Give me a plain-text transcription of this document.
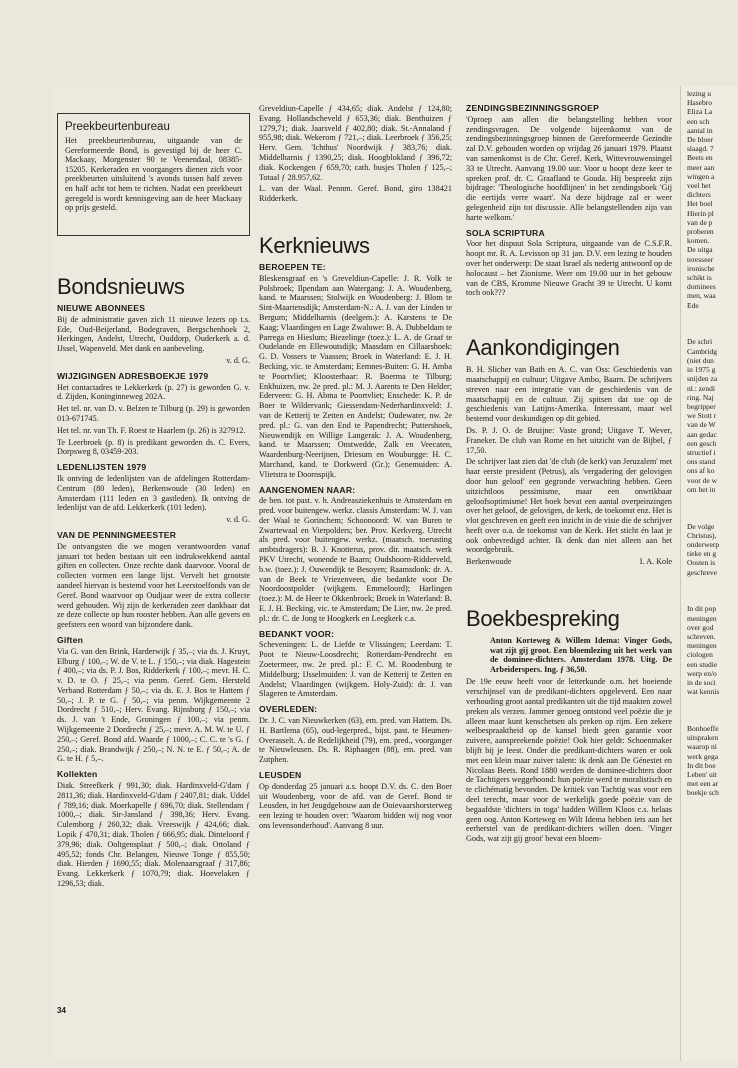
lezing u

Hasebro

Eliza La

een sch

aantal in

De bloer

slaagd. 7

Beets en

meer aan

wingen a

veel het

dichters

Het boel

Hierin pl

van de p

proberen

komen.

De uitga

teresseer

ironische

schikt is

dominees

men, waa

Ede

De schri

Cambridg

(niet dun

in 1975 g

snijden za

nl.: zendi

ring. Naj

begripper

we Stott r

van de W

aan gedac

een gesch

structief i

ons stand

ons af ko

voor de w

om het in

De volge

Christus),

onderwerp

tieke en g

Oosten is

geschreve

In dit pop

meningen

over god

schreven.

meningen

ciologen

een studie

werp en/o

in de soci

wat kennis

Bonhoeffe

uitspraken

waarop ni

werk gega

In dit boe

Leben' uit

met een ar

boekje sch

Preekbeurtenbureau

Het preekbeurtenbureau, uitgaande van de Gereformeerde Bond, is gevestigd bij de heer C. Mackaay, Morgenster 90 te Veenendaal, 08385-15205. Kerkeraden en voorgangers dienen zich voor preekbeurten uitsluitend 's avonds tussen half zeven en half acht tot hem te richten. Nadat een preekbeurt geregeld is wordt kennisgeving aan de heer Mackaay op prijs gesteld.

Bondsnieuws
NIEUWE ABONNEES

Bij de administratie gaven zich 11 nieuwe lezers op t.s. Ede, Oud-Beijerland, Bodegraven, Bergschenhoek 2, Herkingen, Andelst, Utrecht, Ouddorp, Ouderkerk a. d. IJssel, Wapenveld. Met dank en aanbeveling.

v. d. G.
WIJZIGINGEN ADRESBOEKJE 1979

Het contactadres te Lekkerkerk (p. 27) is geworden G. v. d. Zijden, Koninginneweg 202A.

Het tel. nr. van D. v. Belzen te Tilburg (p. 29) is geworden 013-671745.

Het tel. nr. van Th. F. Roest te Haarlem (p. 26) is 327912.

Te Leerbroek (p. 8) is predikant geworden ds. C. Evers, Dorpsweg 8, 03459-203.

LEDENLIJSTEN 1979

Ik ontving de ledenlijsten van de afdelingen Rotterdam-Centrum (80 leden), Berkenwoude (30 leden) en Amsterdam (111 leden en 3 gastleden). Ik ontving de ledenlijst van de afd. Lekkerkerk (101 leden).

v. d. G.
VAN DE PENNINGMEESTER

De ontvangsten die we mogen verantwoorden vanaf januari tot heden bestaan uit een indrukwekkend aantal giften en collecten. Onze rechte dank daarvoor. Vooral de collecten vormen een lange lijst. Vervelt het grootste aandeel hiervan is bestemd voor het Leerstoelfonds van de Geref. Bond waarvoor op Oudjaar weer de extra collecte werd gehouden. Wij zijn de kerkeraden zeer dankbaar dat ze deze collecte op hun rooster hebben. Aan alle gevers en geefsters een woord van bijzondere dank.

Giften

Via G. van den Brink, Harderwijk ƒ 35,–; via ds. J. Kruyt, Elburg ƒ 100,–; W. de V. te L. ƒ 150,–; via diak. Hagestein ƒ 400,–; via ds. P. J. Bos, Ridderkerk ƒ 100,–; mevr. H. C. v. D. te O. ƒ 25,–; via penm. Geref. Gem. Hersteld Verband Rotterdam ƒ 50,–; via ds. E. J. Bos te Hattem ƒ 50,–; J. P. te G. ƒ 50,–; via penm. Wijkgemeente 2 Dordrecht ƒ 510,–; Herv. Evang. Rijnsburg ƒ 150,–; via ds. J. van 't Ende, Groningen ƒ 100,–; via penm. Wijkgemeente 2 Dordrecht ƒ 25,–; mevr. A. M. W. te U. ƒ 250,–; Geref. Bond afd. Waarde ƒ 1000,–; C. C. te 's G. ƒ 250,–; diak. Brandwijk ƒ 250,–; N. N. te E. ƒ 50,–; A. de G. te H. ƒ 5,–.

Kollekten

Diak. Streefkerk ƒ 991,30; diak. Hardinxveld-G'dam ƒ 2811,36; diak. Hardinxveld-G'dam ƒ 2407,81; diak. Uddel ƒ 789,16; diak. Moerkapelle ƒ 696,70; diak. Stellendam ƒ 1000,–; diak. Sir-Jansland ƒ 398,36; Herv. Evang. Culemborg ƒ 260,32; diak. Vreeswijk ƒ 424,66; diak. Lopik ƒ 470,31; diak. Tholen ƒ 666,95; diak. Dinteloord ƒ 379,96; diak. Ooltgensplaat ƒ 500,–; diak. Ottoland ƒ 495,52; fonds Chr. Belangen, Nieuwe Tonge ƒ 855,50; diak. Hierden ƒ 1690,55; diak. Molenaarsgraaf ƒ 317,86; Evang. Lekkerkerk ƒ 1070,79; diak. Hoevelaken ƒ 1296,53; diak.

Greveldiun-Capelle ƒ 434,65; diak. Andelst ƒ 124,80; Evang. Hollandscheveld ƒ 653,36; diak. Benthuizen ƒ 1279,71; diak. Jaarsveld ƒ 402,80; diak. St.-Annaland ƒ 955,98; diak. Wekerom ƒ 721,–; diak. Leerbroek ƒ 356,25; Herv. Gem. 'Ichthus' Noordwijk ƒ 383,76; diak. Middelharnis ƒ 1390,25; diak. Hoogblokland ƒ 396,72; diak. Kockengen ƒ 659,70; cath. busjes Tholen ƒ 125,–; Totaal ƒ 28.957,62.

L. van der Waal. Pennm. Geref. Bond, giro 138421 Ridderkerk.

Kerknieuws
BEROEPEN TE:

Bleskensgraaf en 's Greveldiun-Capelle: J. R. Volk te Polsbroek; Ilpendam aan Watergang: J. A. Woudenberg, kand. te Maarssen; Stolwijk en Woudenberg: J. Blom te Sint-Maartensdijk; Amsterdam-N.: A. J. van der Linden te Bergum; Middelharnis (deelgem.): A. Karstens te De Kaag; Vlaardingen en Lage Zwaluwe: B. A. Dubbeldam te Parrega en Hieslum; Biezelinge (toez.): L. A. de Graaf te Oudelande en Ellewoutsdijk; Maasdam en Cillaarshoek: G. D. Vossers te Vaassen; Broek in Waterland: E. J. H. Becking, vic. te Amsterdam; Eemnes-Buiten: G. H. Amba te Poortvliet; Kloosterhaar: R. Boerma te Tilburg; Enkhuizen, nw. 2e pred. pl.: M. J. Aarents te Den Helder; Ederveen: G. H. Abma te Poortvliet; Enschede: K. P. de Boer te Wildervank; Giessendam-Nederhardinxveld: J. van de Ketterij te Zetten en Andelst; Oudewater, nw. 2e pred. pl.: G. van den End te Papendrecht; Puttershoek, Nieuwendijk en Willige Langerak: J. A. Woudenberg, kand. te Maarssen; Onstwedde, Zalk en Veecaten, Waardenburg-Neerijnen, Driesum en Wouburgge: H. C. Marchand, kand. te Dorkwerd (Gr.); Genemuiden: A. Vlietstra te Doornspijk.

AANGENOMEN NAAR:

de ben. tot past. v. h. Andreasziekenhuis te Amsterdam en pred. voor buitengew. werkz. classis Amsterdam: W. J. van der Waal te Gorinchem; Schoonoord: W. van Buren te Zwartewaal en Vierpolders; ber. Prov. Kerkverg. Utrecht als pred. voor buitengew. werkz. (maatsch. toerusting ambtsdragers): B. J. Knotterus, prov. dir. maatsch. werk PKV Utrecht, wonende te Baarn; Oudshoorn-Ridderveld, b.w. (toez.): J. Ouwendijk te Besoyen; Raamsdonk: dr. A. van de Beek te Vriezenveen, die bedankte voor De Noordoostpolder (wijkgem. Emmeloord); Harlingen (toez.): M. de Heer te Okkenbroek; Broek in Waterland: B. E. J. H. Becking, vic. te Amsterdam; De Lier, nw. 2e pred. pl.: dr. C. de Jong te Hoogkerk en Leegkerk c.a.

BEDANKT VOOR:

Scheveningen: L. de Liefde te Vlissingen; Leerdam: T. Poot te Nieuw-Loosdrecht; Rotterdam-Pendrecht en Zoetermeer, nw. 2e pred. pl.: F. C. M. Roodenburg te Middelburg; IJsselmuiden: J. van de Ketterij te Zetten en Andelst; Vlaardingen (wijkgem. Holy-Zuid): dr. J. van Slageren te Amsterdam.

OVERLEDEN:

Dr. J. C. van Nieuwkerken (63), em. pred. van Hattem. Ds. H. Bartlema (65), oud-legerpred., bijst. past. te Heumen-Overasselt. A. de Redelijkheid (79), em. pred., voorganger te Nieuwleusen. Ds. R. Riphaagen (88), em. pred. van Zutphen.

LEUSDEN

Op donderdag 25 januari a.s. hoopt D.V. ds. C. den Boer uit Woudenberg, voor de afd. van de Geref. Bond te Leusden, in het Jeugdgebouw aan de Ooievaarshorsterweg een lezing te houden over: 'Waarom bidden wij nog voor ons levensonderhoud'. Aanvang 8 uur.

ZENDINGSBEZINNINGSGROEP

'Oproep aan allen die belangstelling hebben voor zendingsvragen. De volgende bijeenkomst van de zendingsbezinningsgroep binnen de Gereformeerde Gezindte zal D.V. gehouden worden op vrijdag 26 januari 1979. Plaatst van samenkomst is de Chr. Geref. Kerk, Wittevrouwensingel 33 te Utrecht. Aanvang 19.00 uur. Voor u hoopt deze keer te spreken prof. dr. C. Graafland te Gouda. Hij bespreekt zijn bijdrage: 'Theologische hoofdlijnen' in het zendingsboek 'Gij die eertijds verre waart'. Na deze bijdrage zal er weer gelegenheid zijn tot discussie. Alle belangstellenden zijn van harte welkom.'

SOLA SCRIPTURA

Voor het dispuut Sola Scriptura, uitgaande van de C.S.F.R. hoopt mr. R. A. Levisson op 31 jan. D.V. een lezing te houden over het onderwerp: De staat Israel als nedertg antwoord op de holocaust – het Zionisme. Weer om 19.00 uur in het gebouw van de CBS, Kromme Nieuwe Gracht 39 te Utrecht. U komt toch ook???

Aankondigingen

B. H. Slicher van Bath en A. C. van Oss: Geschiedenis van maatschappij en cultuur; Uitgave Ambo, Baarn. De schrijvers streven naar een integratie van de geschiedenis van de maatschappij en de cultuur. Zij spitsen dat toe op de geschiedenis van Latijns-Amerika. Interessant, maar wel bestemd voor deskundigen op dit gebied.

Ds. P. J. O. de Bruijne: Vaste grond; Uitgave T. Wever, Franeker. De club van Rome en het uitzicht van de Bijbel, ƒ 17,50.

De schrijver laat zien dat 'de club (de kerk) van Jeruzalem' met haar eerste president (Petrus), als 'vergadering der gelovigen door hun geloof' een gegronde verwachting hebben. Geen uitzichtloos pessimisme, maar een onwrikbaar geloofsoptimisme! Het boek bevat een aantal overpeinzingen over het geloof, de gelovigen, de kerk, de toekomst enz. Het is vlot geschreven en geeft een inzicht in de visie die de schrijver heeft over o.a. de toekomst van de Kerk. Het sticht én laat je ook onbevredigd achter. Ik denk dan niet alleen aan het woordgebruik.

Berkenwoude	I. A. Kole
Boekbespreking
Anton Korteweg & Willem Idema: Vinger Gods, wat zijt gij groot. Een bloemlezing uit het werk van de dominee-dichters. Amsterdam 1978. Uitg. De Arbeiderspers. Ing. ƒ 36,50.

De 19e eeuw heeft voor de letterkunde o.m. het boeiende verschijnsel van de predikant-dichters opgeleverd. Een naar verhouding groot aantal predikanten uit die tijd maakten zowel preken als verzen. Jammer genoeg ontstond veel poëzie die je alleen maar kunt kenschetsen als preken op rijm. Een zekere welbespraaktheid op de kansel biedt geen garantie voor zuivere, aanspreekende poëzie! Ook hier geldt: Schoenmaker blijft bij je leest. Onder die predikant-dichters waren er ook met een klein maar zuiver talent: ik denk aan De Génestet en Nicolaas Beets. Rond 1880 werden de dominee-dichters door de Tachtigers weggehoond: hun poëzie werd te moralistisch en te clichématig bevonden. De kritiek van Tachtig was voor een deel terecht, maar voor de werkelijk goede poëzie van de begaafdste 'dichters in toga' hadden Willem Kloos c.s. helaas geen oog. Anton Korteweg en Wilt Idema hebben iets aan het eerherstel van de predikant-dichters willen doen. 'Vinger Gods, wat zijt gij groot' bevat een bloem-

34
